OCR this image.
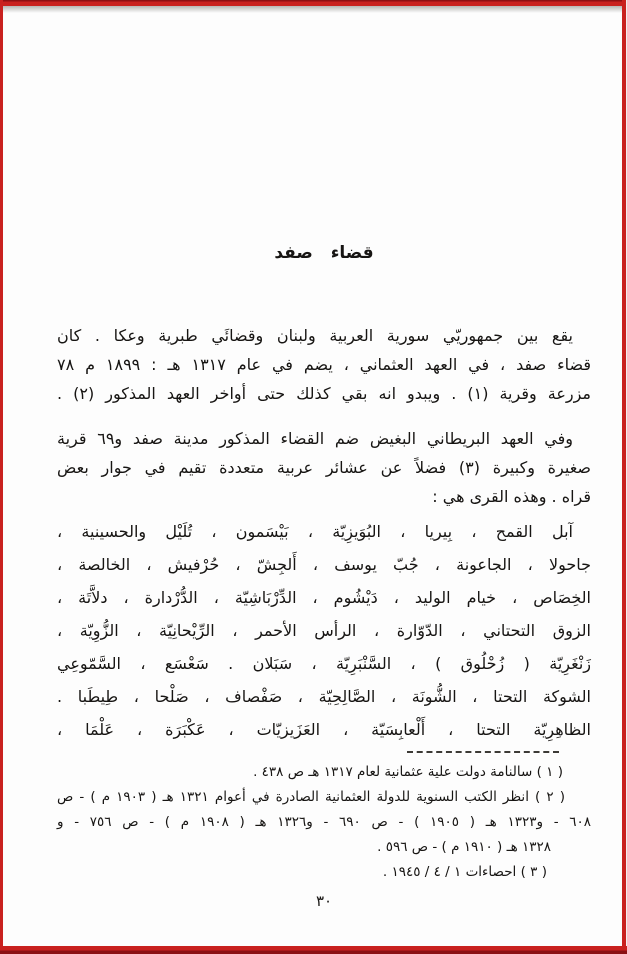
قضاء صفد
يقع بين جمهوريّي سورية العربية ولبنان وقضائَي طبرية وعكا . كان
قضاء صفد ، في العهد العثماني ، يضم في عام ١٣١٧ هـ : ١٨٩٩ م ٧٨
مزرعة وقرية (١) . ويبدو انه بقي كذلك حتى أواخر العهد المذكور (٢) .
وفي العهد البريطاني البغيض ضم القضاء المذكور مدينة صفد و٦٩ قرية
صغيرة وكبيرة (٣) فضلاً عن عشائر عربية متعددة تقيم في جوار بعض
قراه . وهذه القرى هي :
آبل القمح ، بِيريا ، البُوَيزِيّة ، بَيْسَمون ، تُلَيْل والحسينية ،
جاحولا ، الجاعونة ، جُبّ يوسف ، أَلجِشّ ، حُرْفيش ، الخالصة ،
الخِصَاص ، خيام الوليد ، دَيْشُوم ، الدِّرْبَاشِيّة ، الدُّرْدارة ، دلاَّتَة ،
الزوق التحتاني ، الدّوّارة ، الرأس الأحمر ، الرِّيْحانِيّة ، الزُّوِيّة ،
زَنْغَرِيّة ( زُحْلُوق ) ، السَّنْبَرِيّة ، سَبَلان . سَعْسَع ، السَّمّوعِي
الشوكة التحتا ، الشُّونَة ، الصَّالِحِيّة ، صَفْصاف ، صَلْحا ، طِيطَبا .
الظاهِرِيّة التحتا ، أَلْعابِسَيّة ، العَزَيزيّات ، عَكْبَرَة ، عَلْمَا ،
( ١ ) سالنامة دولت علية عثمانية لعام ١٣١٧ هـ ص ٤٣٨ .
( ٢ ) انظر الكتب السنوية للدولة العثمانية الصادرة في أعوام ١٣٢١ هـ ( ١٩٠٣ م ) - ص
٦٠٨ - و١٣٢٣ هـ ( ١٩٠٥ ) - ص ٦٩٠ - و١٣٢٦ هـ ( ١٩٠٨ م ) - ص ٧٥٦ - و
١٣٢٨ هـ ( ١٩١٠ م ) - ص ٥٩٦ .
( ٣ ) احصاءات ١ / ٤ / ١٩٤٥ .
٣٠
